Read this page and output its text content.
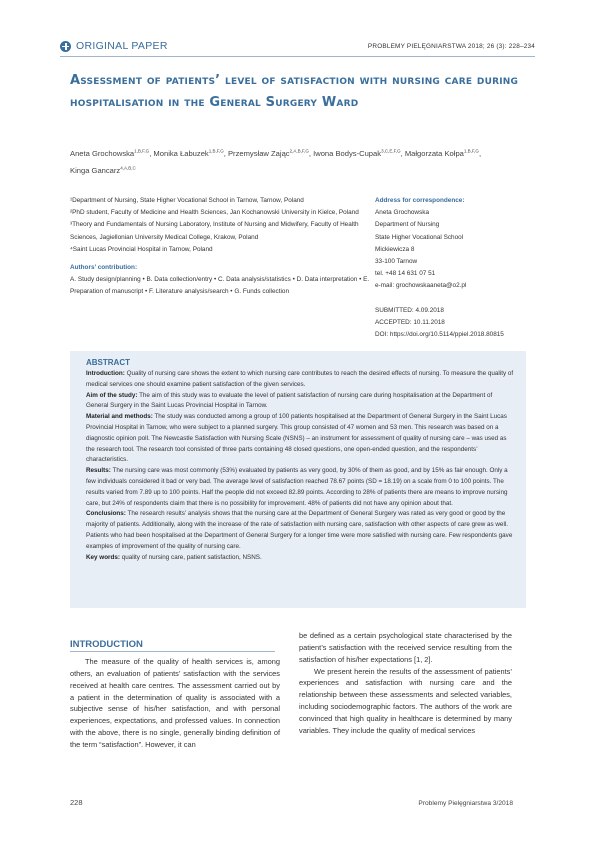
ORIGINAL PAPER	PROBLEMY PIELĘGNIARSTWA 2018; 26 (3): 228–234
Assessment of patients’ level of satisfaction with nursing care during hospitalisation in the General Surgery Ward
Aneta Grochowska$^{1,B,F,G}$, Monika Łabuzek$^{1,B,F,G}$, Przemysław Zając$^{2,A,B,F,G}$, Iwona Bodys-Cupak$^{3,C,E,F,G}$, Małgorzata Kołpa$^{1,B,F,G}$, Kinga Gancarz$^{4,A,B,C}$
¹Department of Nursing, State Higher Vocational School in Tarnow, Tarnow, Poland
²PhD student, Faculty of Medicine and Health Sciences, Jan Kochanowski University in Kielce, Poland
³Theory and Fundamentals of Nursing Laboratory, Institute of Nursing and Midwifery, Faculty of Health Sciences, Jagiellonian University Medical College, Krakow, Poland
⁴Saint Lucas Provincial Hospital in Tarnow, Poland
Authors’ contribution:
A. Study design/planning • B. Data collection/entry • C. Data analysis/statistics • D. Data interpretation • E. Preparation of manuscript • F. Literature analysis/search • G. Funds collection
Address for correspondence:
Aneta Grochowska
Department of Nursing
State Higher Vocational School
Mickiewicza 8
33-100 Tarnow
tel. +48 14 631 07 51
e-mail: grochowskaaneta@o2.pl
SUBMITTED: 4.09.2018
ACCEPTED: 10.11.2018
DOI: https://doi.org/10.5114/ppiel.2018.80815
ABSTRACT
Introduction: Quality of nursing care shows the extent to which nursing care contributes to reach the desired effects of nursing. To measure the quality of medical services one should examine patient satisfaction of the given services.
Aim of the study: The aim of this study was to evaluate the level of patient satisfaction of nursing care during hospitalisation at the Department of General Surgery in the Saint Lucas Provincial Hospital in Tarnow.
Material and methods: The study was conducted among a group of 100 patients hospitalised at the Department of General Surgery in the Saint Lucas Provincial Hospital in Tarnow, who were subject to a planned surgery. This group consisted of 47 women and 53 men. This research was based on a diagnostic opinion poll. The Newcastle Satisfaction with Nursing Scale (NSNS) – an instrument for assessment of quality of nursing care – was used as the research tool. The research tool consisted of three parts containing 48 closed questions, one open-ended question, and the respondents’ characteristics.
Results: The nursing care was most commonly (53%) evaluated by patients as very good, by 30% of them as good, and by 15% as fair enough. Only a few individuals considered it bad or very bad. The average level of satisfaction reached 78.67 points (SD = 18.19) on a scale from 0 to 100 points. The results varied from 7.89 up to 100 points. Half the people did not exceed 82.89 points. According to 28% of patients there are means to improve nursing care, but 24% of respondents claim that there is no possibility for improvement. 48% of patients did not have any opinion about that.
Conclusions: The research results’ analysis shows that the nursing care at the Department of General Surgery was rated as very good or good by the majority of patients. Additionally, along with the increase of the rate of satisfaction with nursing care, satisfaction with other aspects of care grew as well. Patients who had been hospitalised at the Department of General Surgery for a longer time were more satisfied with nursing care. Few respondents gave examples of improvement of the quality of nursing care.
Key words: quality of nursing care, patient satisfaction, NSNS.
INTRODUCTION

The measure of the quality of health services is, among others, an evaluation of patients’ satisfaction with the services received at health care centres. The assessment carried out by a patient in the determination of quality is associated with a subjective sense of his/her satisfaction, and with personal experiences, expectations, and professed values. In connection with the above, there is no single, generally binding definition of the term “satisfaction”. However, it can

be defined as a certain psychological state characterised by the patient’s satisfaction with the received service resulting from the satisfaction of his/her expectations [1, 2].

We present herein the results of the assessment of patients’ experiences and satisfaction with nursing care and the relationship between these assessments and selected variables, including sociodemographic factors. The authors of the work are convinced that high quality in healthcare is determined by many variables. They include the quality of medical services

228	Problemy Pielęgniarstwa 3/2018
